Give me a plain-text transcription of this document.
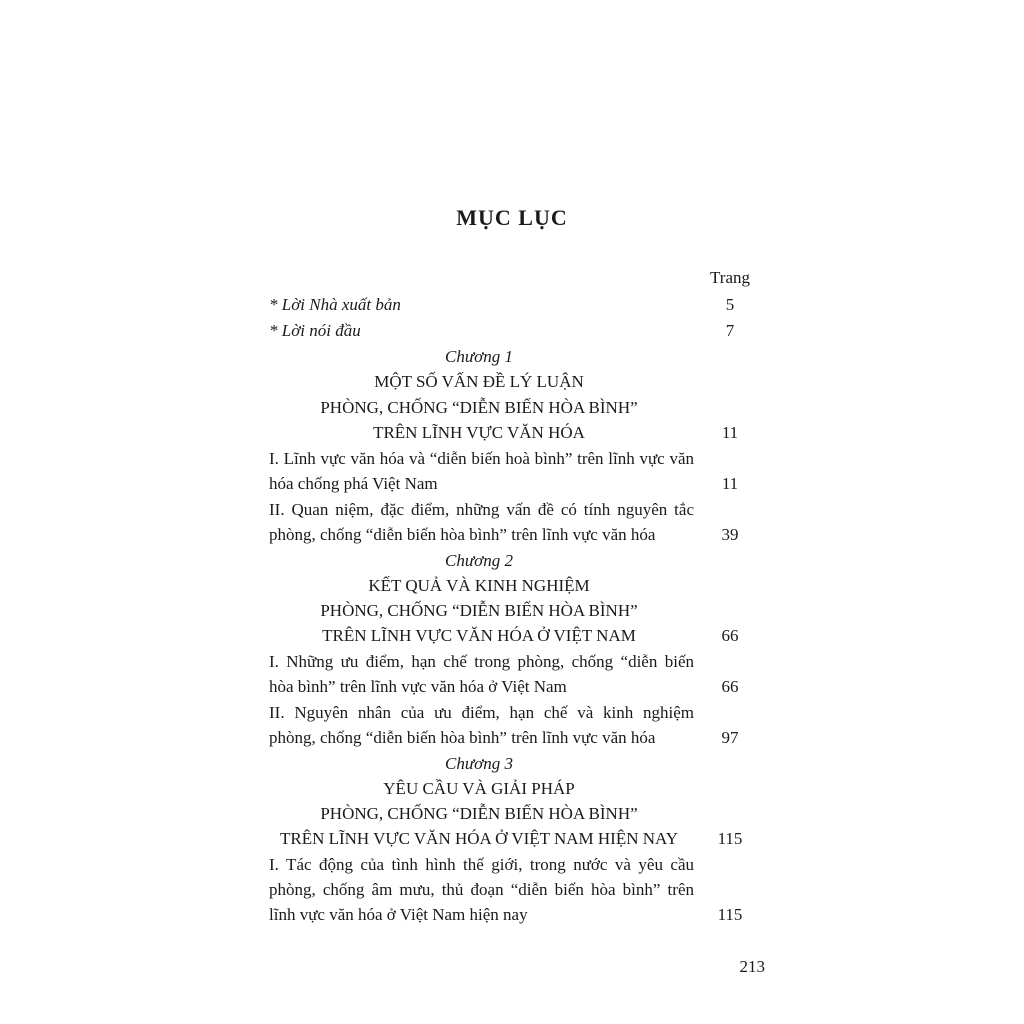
MỤC LỤC
Trang
* Lời Nhà xuất bản	5
* Lời nói đầu	7
Chương 1
MỘT SỐ VẤN ĐỀ LÝ LUẬN
PHÒNG, CHỐNG “DIỄN BIẾN HÒA BÌNH”
TRÊN LĨNH VỰC VĂN HÓA	11
I. Lĩnh vực văn hóa và “diễn biến hoà bình” trên lĩnh vực văn
hóa chống phá Việt Nam	11
II. Quan niệm, đặc điểm, những vấn đề có tính nguyên tắc
phòng, chống “diễn biến hòa bình” trên lĩnh vực văn hóa	39
Chương 2
KẾT QUẢ VÀ KINH NGHIỆM
PHÒNG, CHỐNG “DIỄN BIẾN HÒA BÌNH”
TRÊN LĨNH VỰC VĂN HÓA Ở VIỆT NAM	66
I. Những ưu điểm, hạn chế trong phòng, chống “diễn biến
hòa bình” trên lĩnh vực văn hóa ở Việt Nam	66
II. Nguyên nhân của ưu điểm, hạn chế và kinh nghiệm
phòng, chống “diễn biến hòa bình” trên lĩnh vực văn hóa	97
Chương 3
YÊU CẦU VÀ GIẢI PHÁP
PHÒNG, CHỐNG “DIỄN BIẾN HÒA BÌNH”
TRÊN LĨNH VỰC VĂN HÓA Ở VIỆT NAM HIỆN NAY	115
I. Tác động của tình hình thế giới, trong nước và yêu cầu
phòng, chống âm mưu, thủ đoạn “diễn biến hòa bình” trên
lĩnh vực văn hóa ở Việt Nam hiện nay	115
213
